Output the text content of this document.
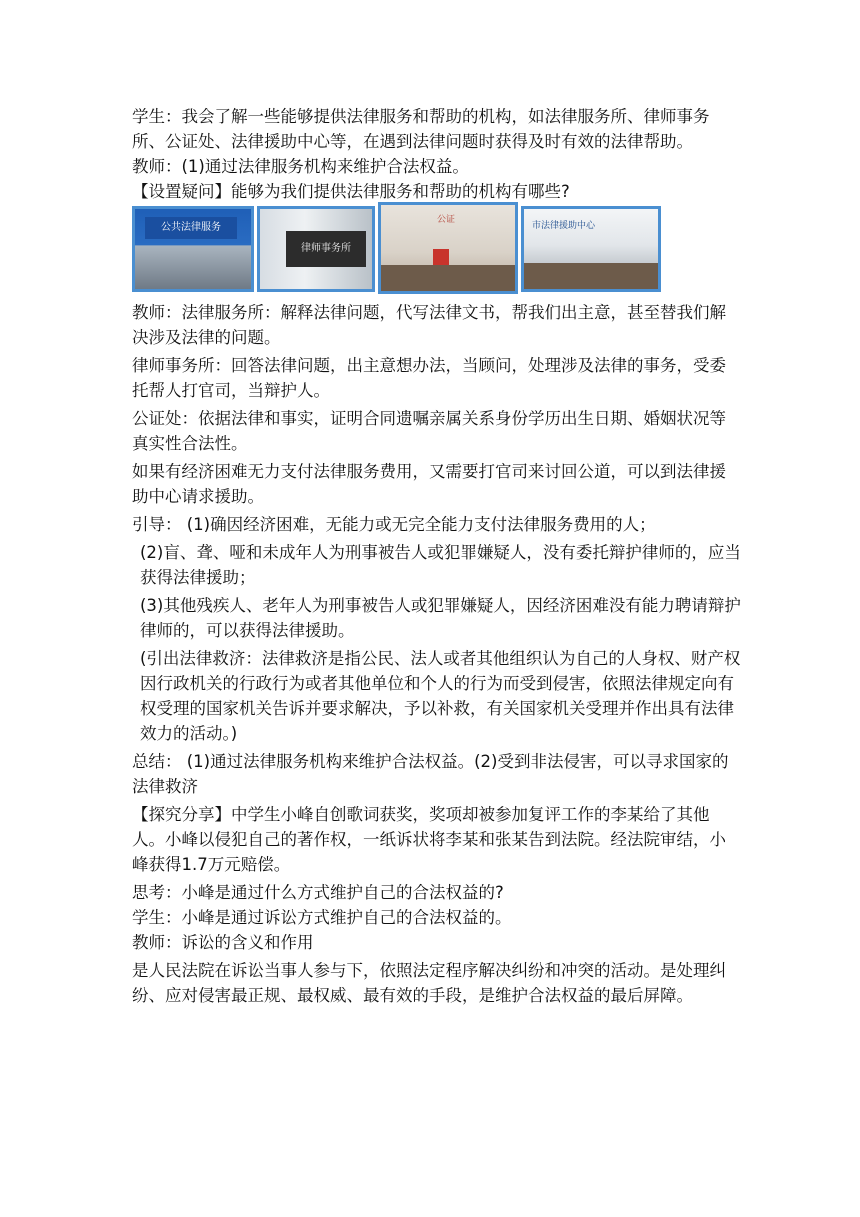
学生：我会了解一些能够提供法律服务和帮助的机构，如法律服务所、律师事务所、公证处、法律援助中心等，在遇到法律问题时获得及时有效的法律帮助。

教师：(1)通过法律服务机构来维护合法权益。

【设置疑问】能够为我们提供法律服务和帮助的机构有哪些?

公共法律服务
律师事务所
公证
市法律援助中心

教师：法律服务所：解释法律问题，代写法律文书，帮我们出主意，甚至替我们解决涉及法律的问题。

律师事务所：回答法律问题，出主意想办法，当顾问，处理涉及法律的事务，受委托帮人打官司，当辩护人。

公证处：依据法律和事实，证明合同遗嘱亲属关系身份学历出生日期、婚姻状况等真实性合法性。

如果有经济困难无力支付法律服务费用，又需要打官司来讨回公道，可以到法律援助中心请求援助。

引导： (1)确因经济困难，无能力或无完全能力支付法律服务费用的人；

(2)盲、聋、哑和未成年人为刑事被告人或犯罪嫌疑人，没有委托辩护律师的，应当获得法律援助；

(3)其他残疾人、老年人为刑事被告人或犯罪嫌疑人，因经济困难没有能力聘请辩护律师的，可以获得法律援助。

(引出法律救济：法律救济是指公民、法人或者其他组织认为自己的人身权、财产权因行政机关的行政行为或者其他单位和个人的行为而受到侵害，依照法律规定向有权受理的国家机关告诉并要求解决，予以补救，有关国家机关受理并作出具有法律效力的活动。)

总结： (1)通过法律服务机构来维护合法权益。(2)受到非法侵害，可以寻求国家的法律救济

【探究分享】中学生小峰自创歌词获奖，奖项却被参加复评工作的李某给了其他人。小峰以侵犯自己的著作权，一纸诉状将李某和张某告到法院。经法院审结，小峰获得1.7万元赔偿。

思考：小峰是通过什么方式维护自己的合法权益的?

学生：小峰是通过诉讼方式维护自己的合法权益的。

教师：诉讼的含义和作用

是人民法院在诉讼当事人参与下，依照法定程序解决纠纷和冲突的活动。是处理纠纷、应对侵害最正规、最权威、最有效的手段，是维护合法权益的最后屏障。
